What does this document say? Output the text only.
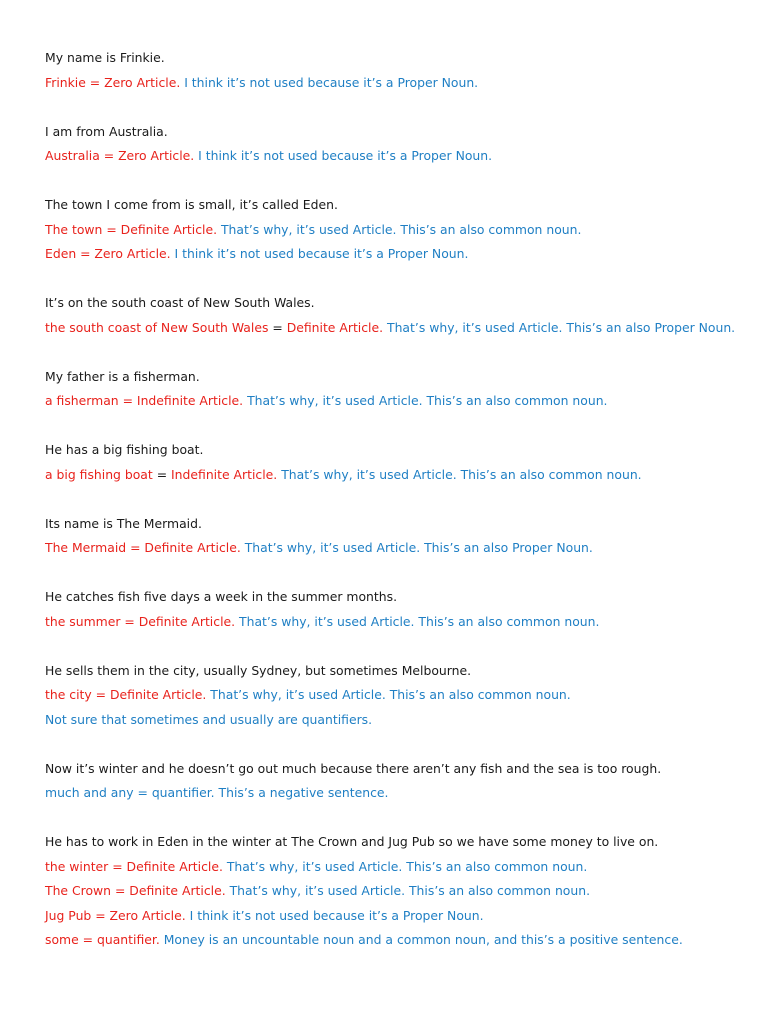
My name is Frinkie.
Frinkie = Zero Article. I think it’s not used because it’s a Proper Noun.
I am from Australia.
Australia = Zero Article. I think it’s not used because it’s a Proper Noun.
The town I come from is small, it’s called Eden.
The town = Definite Article. That’s why, it’s used Article. This’s an also common noun.
Eden = Zero Article. I think it’s not used because it’s a Proper Noun.
It’s on the south coast of New South Wales.
the south coast of New South Wales = Definite Article. That’s why, it’s used Article. This’s an also Proper Noun.
My father is a fisherman.
a fisherman = Indefinite Article. That’s why, it’s used Article. This’s an also common noun.
He has a big fishing boat.
a big fishing boat = Indefinite Article. That’s why, it’s used Article. This’s an also common noun.
Its name is The Mermaid.
The Mermaid = Definite Article. That’s why, it’s used Article. This’s an also Proper Noun.
He catches fish five days a week in the summer months.
the summer = Definite Article. That’s why, it’s used Article. This’s an also common noun.
He sells them in the city, usually Sydney, but sometimes Melbourne.
the city = Definite Article. That’s why, it’s used Article. This’s an also common noun.
Not sure that sometimes and usually are quantifiers.
Now it’s winter and he doesn’t go out much because there aren’t any fish and the sea is too rough.
much and any = quantifier. This’s a negative sentence.
He has to work in Eden in the winter at The Crown and Jug Pub so we have some money to live on.
the winter = Definite Article. That’s why, it’s used Article. This’s an also common noun.
The Crown = Definite Article. That’s why, it’s used Article. This’s an also common noun.
Jug Pub = Zero Article. I think it’s not used because it’s a Proper Noun.
some = quantifier. Money is an uncountable noun and a common noun, and this’s a positive sentence.
